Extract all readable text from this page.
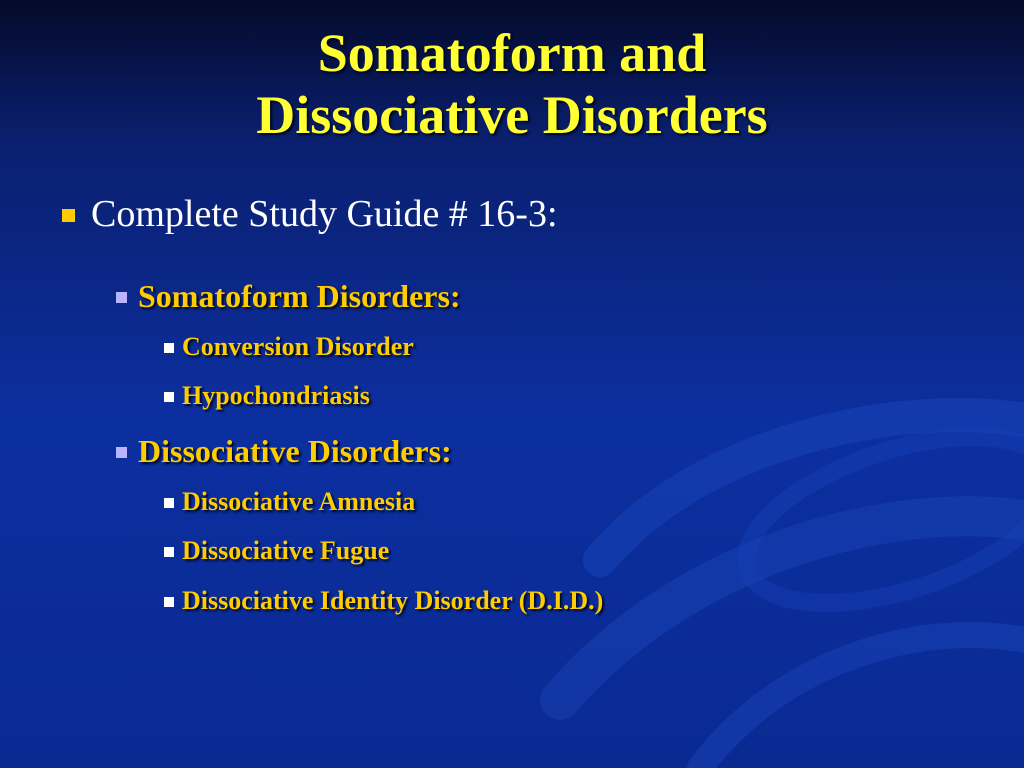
Somatoform and
Dissociative Disorders
Complete Study Guide # 16-3:
Somatoform Disorders:
Conversion Disorder
Hypochondriasis
Dissociative Disorders:
Dissociative Amnesia
Dissociative Fugue
Dissociative Identity Disorder (D.I.D.)
